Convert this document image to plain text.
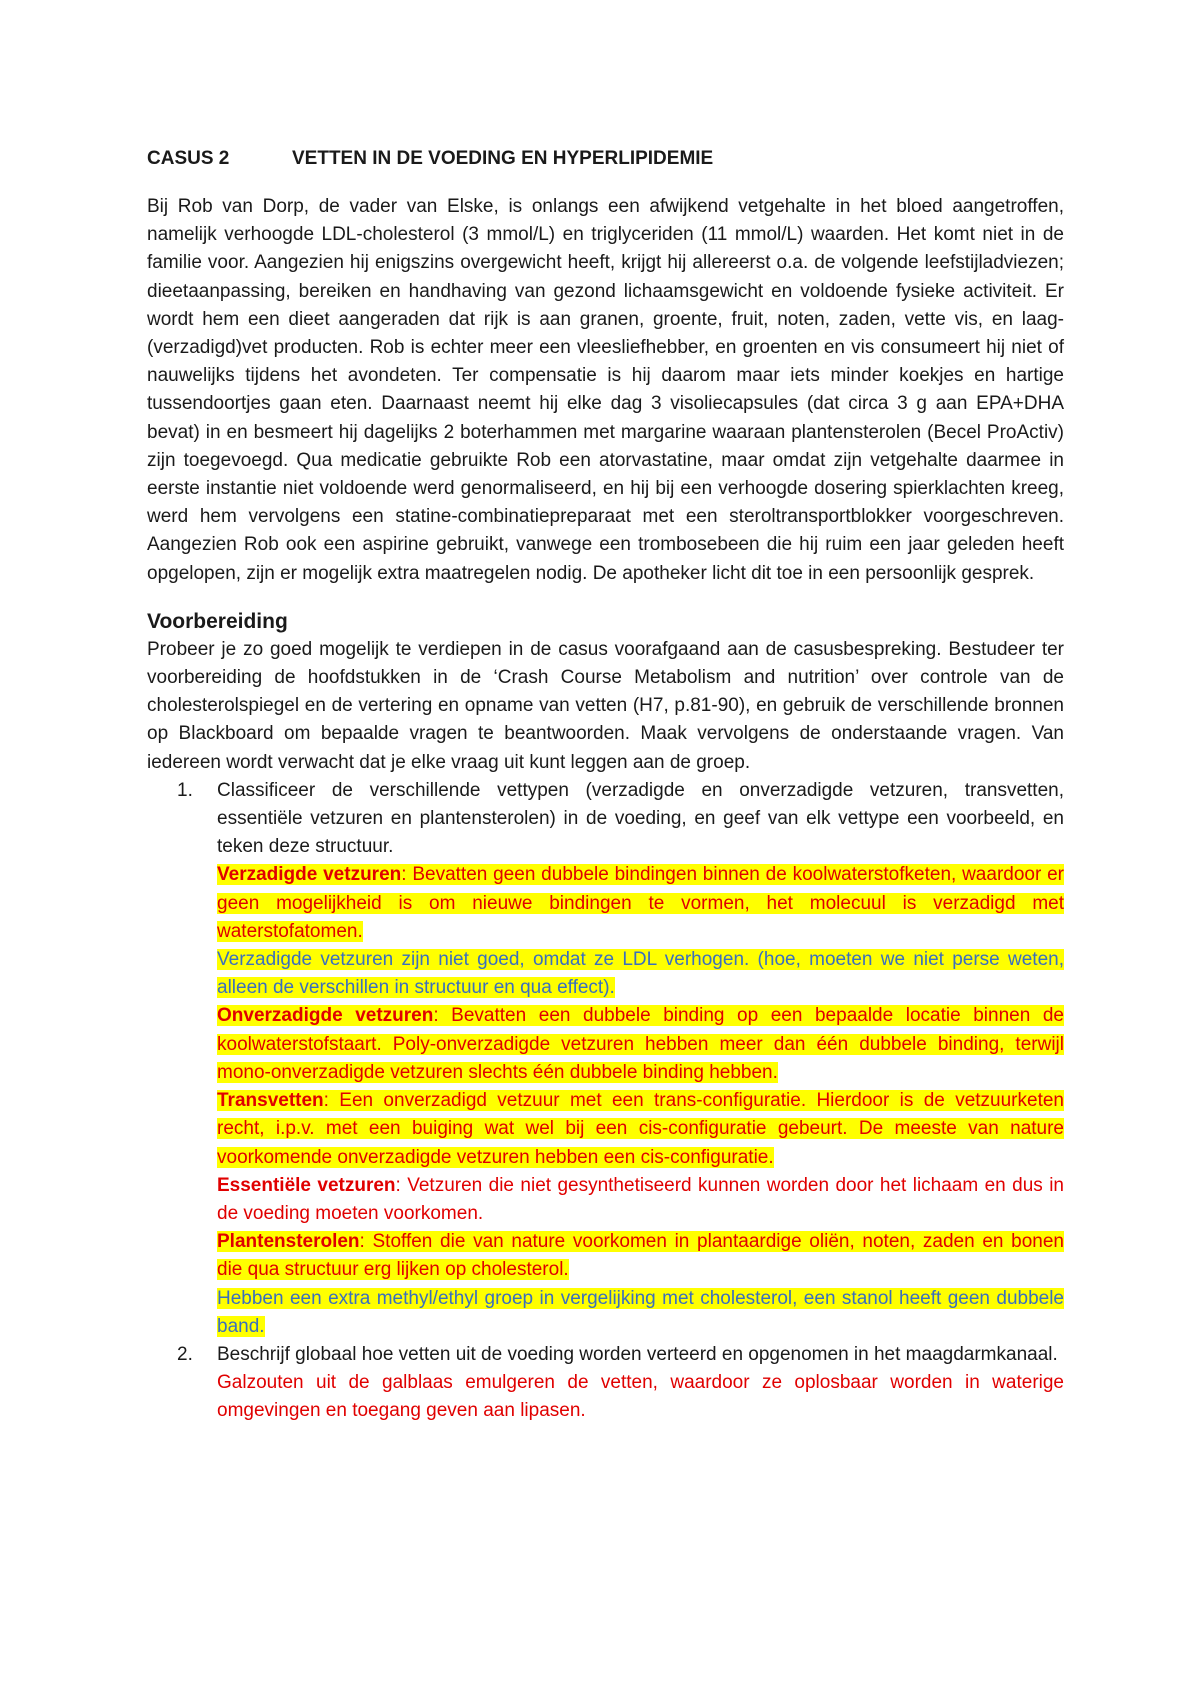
CASUS 2	VETTEN IN DE VOEDING EN HYPERLIPIDEMIE

Bij Rob van Dorp, de vader van Elske, is onlangs een afwijkend vetgehalte in het bloed aangetroffen, namelijk verhoogde LDL-cholesterol (3 mmol/L) en triglyceriden (11 mmol/L) waarden. Het komt niet in de familie voor. Aangezien hij enigszins overgewicht heeft, krijgt hij allereerst o.a. de volgende leefstijladviezen; dieetaanpassing, bereiken en handhaving van gezond lichaamsgewicht en voldoende fysieke activiteit. Er wordt hem een dieet aangeraden dat rijk is aan granen, groente, fruit, noten, zaden, vette vis, en laag-(verzadigd)vet producten. Rob is echter meer een vleesliefhebber, en groenten en vis consumeert hij niet of nauwelijks tijdens het avondeten. Ter compensatie is hij daarom maar iets minder koekjes en hartige tussendoortjes gaan eten. Daarnaast neemt hij elke dag 3 visoliecapsules (dat circa 3 g aan EPA+DHA bevat) in en besmeert hij dagelijks 2 boterhammen met margarine waaraan plantensterolen (Becel ProActiv) zijn toegevoegd. Qua medicatie gebruikte Rob een atorvastatine, maar omdat zijn vetgehalte daarmee in eerste instantie niet voldoende werd genormaliseerd, en hij bij een verhoogde dosering spierklachten kreeg, werd hem vervolgens een statine-combinatiepreparaat met een steroltransportblokker voorgeschreven. Aangezien Rob ook een aspirine gebruikt, vanwege een trombosebeen die hij ruim een jaar geleden heeft opgelopen, zijn er mogelijk extra maatregelen nodig. De apotheker licht dit toe in een persoonlijk gesprek.

Voorbereiding

Probeer je zo goed mogelijk te verdiepen in de casus voorafgaand aan de casusbespreking. Bestudeer ter voorbereiding de hoofdstukken in de ‘Crash Course Metabolism and nutrition’ over controle van de cholesterolspiegel en de vertering en opname van vetten (H7, p.81-90), en gebruik de verschillende bronnen op Blackboard om bepaalde vragen te beantwoorden. Maak vervolgens de onderstaande vragen. Van iedereen wordt verwacht dat je elke vraag uit kunt leggen aan de groep.

1. Classificeer de verschillende vettypen (verzadigde en onverzadigde vetzuren, transvetten, essentiële vetzuren en plantensterolen) in de voeding, en geef van elk vettype een voorbeeld, en teken deze structuur.

Verzadigde vetzuren: Bevatten geen dubbele bindingen binnen de koolwaterstofketen, waardoor er geen mogelijkheid is om nieuwe bindingen te vormen, het molecuul is verzadigd met waterstofatomen.

Verzadigde vetzuren zijn niet goed, omdat ze LDL verhogen. (hoe, moeten we niet perse weten, alleen de verschillen in structuur en qua effect).

Onverzadigde vetzuren: Bevatten een dubbele binding op een bepaalde locatie binnen de koolwaterstofstaart. Poly-onverzadigde vetzuren hebben meer dan één dubbele binding, terwijl mono-onverzadigde vetzuren slechts één dubbele binding hebben.

Transvetten: Een onverzadigd vetzuur met een trans-configuratie. Hierdoor is de vetzuurketen recht, i.p.v. met een buiging wat wel bij een cis-configuratie gebeurt. De meeste van nature voorkomende onverzadigde vetzuren hebben een cis-configuratie.

Essentiële vetzuren: Vetzuren die niet gesynthetiseerd kunnen worden door het lichaam en dus in de voeding moeten voorkomen.

Plantensterolen: Stoffen die van nature voorkomen in plantaardige oliën, noten, zaden en bonen die qua structuur erg lijken op cholesterol.

Hebben een extra methyl/ethyl groep in vergelijking met cholesterol, een stanol heeft geen dubbele band.

2. Beschrijf globaal hoe vetten uit de voeding worden verteerd en opgenomen in het maagdarmkanaal.

Galzouten uit de galblaas emulgeren de vetten, waardoor ze oplosbaar worden in waterige omgevingen en toegang geven aan lipasen.
